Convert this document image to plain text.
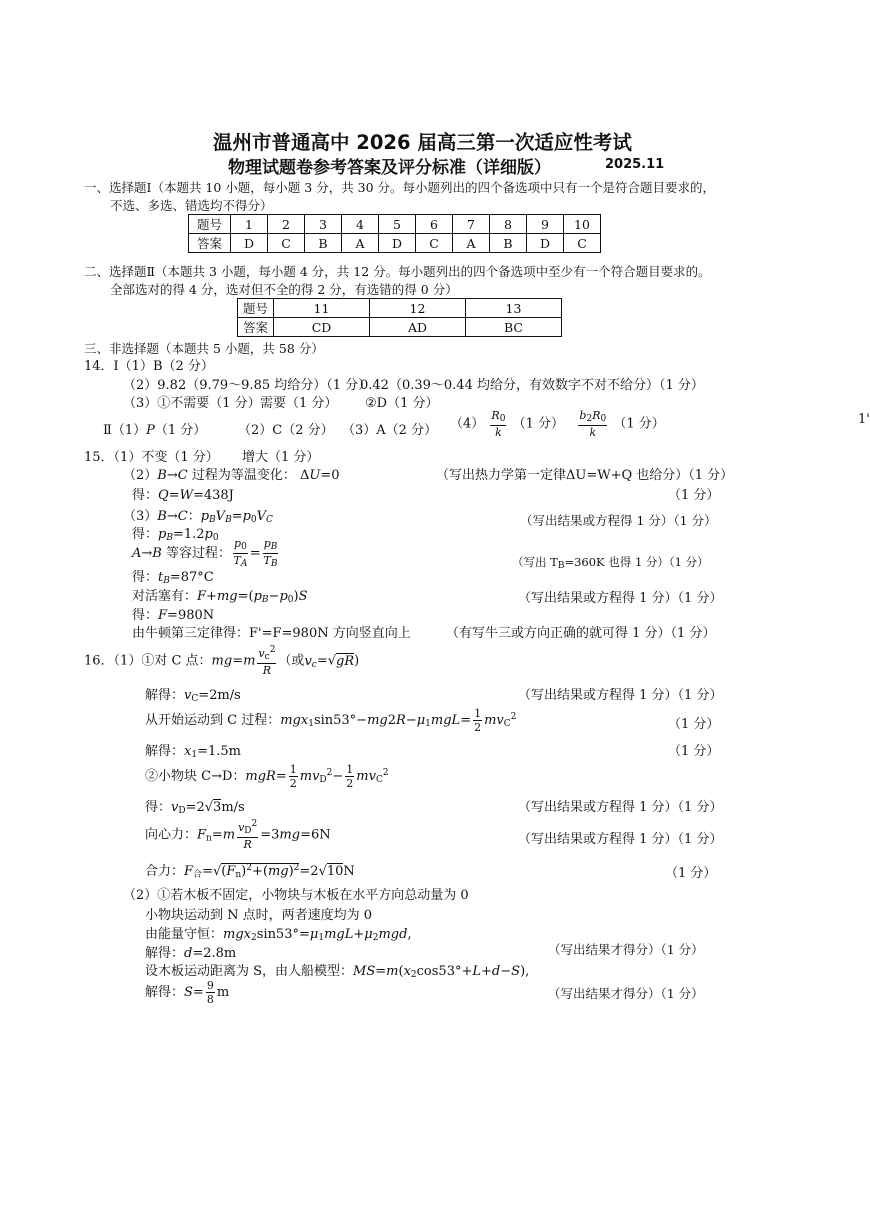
温州市普通高中 2026 届高三第一次适应性考试
物理试题卷参考答案及评分标准（详细版）	2025.11
1'
一、选择题Ⅰ（本题共 10 小题，每小题 3 分，共 30 分。每小题列出的四个备选项中只有一个是符合题目要求的，
不选、多选、错选均不得分）
题号	1	2	3	4	5	6	7	8	9	10
答案	D	C	B	A	D	C	A	B	D	C
二、选择题Ⅱ（本题共 3 小题，每小题 4 分，共 12 分。每小题列出的四个备选项中至少有一个符合题目要求的。
全部选对的得 4 分，选对但不全的得 2 分，有选错的得 0 分）
题号	11	12	13
答案	CD	AD	BC
三、非选择题（本题共 5 小题，共 58 分）
14．Ⅰ（1）B（2 分）
（2）9.82（9.79～9.85 均给分）（1 分）
0.42（0.39～0.44 均给分，有效数字不对不给分）（1 分）
（3）①不需要（1 分） 需要（1 分） ②D（1 分）
Ⅱ（1）P（1 分） （2）C（2 分） （3）A（2 分） $(4) \frac{R_0}{k} (1$ 分） $\frac{b_2R_0}{k} (1$ 分）
15．（1）不变（1 分） 增大（1 分）
（2）B→C 过程为等温变化： ΔU=0	（写出热力学第一定律ΔU=W+Q 也给分）（1 分）
得：Q=W=438J	（1 分）
（3）B→C：$p_BV_B=p_0V_C$	（写出结果或方程得 1 分）（1 分）
得：$p_B=1.2p_0$
A→B 等容过程： $\frac{p_0}{T_A} = \frac{p_B}{T_B}$	（写出 $T_B=360K$ 也得 1 分）（1 分）
得：$t_B=87^\circ C$
对活塞有：$F+mg=(p_B-p_0)S$	（写出结果或方程得 1 分）（1 分）
得：F=980N
由牛顿第三定律得：F'=F=980N 方向竖直向上	（有写牛三或方向正确的就可得 1 分）（1 分）
16．（1）①对 C 点：$mg=m \frac{v_c^2}{R}$ （或$v_c=√gR$)
解得：$v_C=2m/s$	（写出结果或方程得 1 分）（1 分）
从开始运动到 C 过程：$mgx_1\sin 53^\circ-mg2R-\mu_1mgL= \frac{1}{2} mv_C^2$	（1 分）
解得：$x_1=1.5m$	（1 分）
②小物块 C→D：$mgR= \frac{1}{2} mv_D^2- \frac{1}{2} mv_C^2$
得：$v_D=2√3m/s$	（写出结果或方程得 1 分）（1 分）
向心力：$F_n=m \frac{v_D^2}{R} =3mg=6N$	（写出结果或方程得 1 分）（1 分）
合力：$F_合=√(F_n)^2+(mg)^2=2√10N$	（1 分）
（2）①若木板不固定，小物块与木板在水平方向总动量为 0
小物块运动到 N 点时，两者速度均为 0
由能量守恒：$mgx_2\sin 53^\circ=\mu_1mgL+\mu_2mgd$,
解得：d=2.8m	（写出结果才得分）（1 分）
设木板运动距离为 S，由人船模型：$MS=m(x_2\cos 53^\circ+L+d-S)$,
解得：$S= \frac{9}{8}$ m	（写出结果才得分）（1 分）
